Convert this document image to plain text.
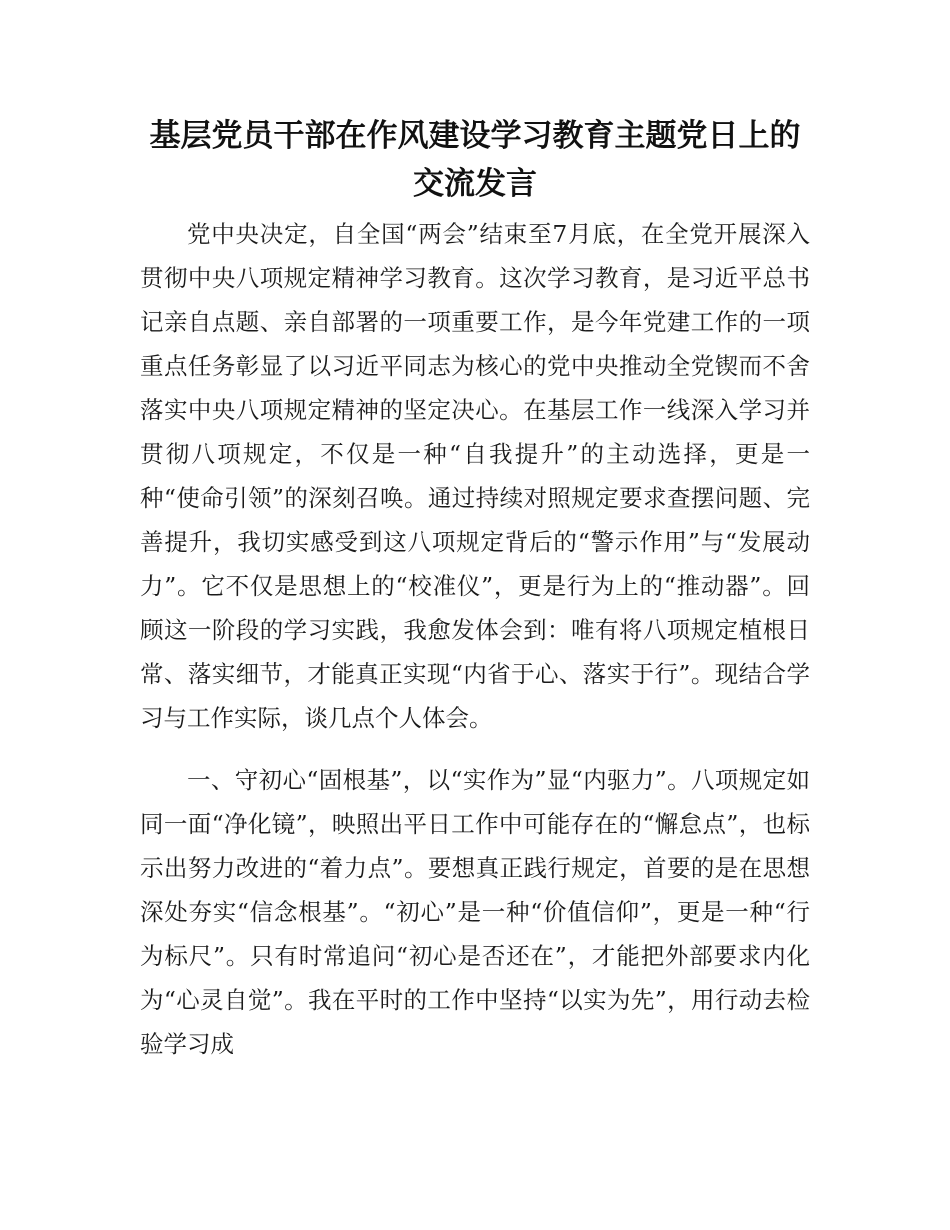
基层党员干部在作风建设学习教育主题党日上的交流发言

党中央决定，自全国“两会”结束至7月底，在全党开展深入贯彻中央八项规定精神学习教育。这次学习教育，是习近平总书记亲自点题、亲自部署的一项重要工作，是今年党建工作的一项重点任务彰显了以习近平同志为核心的党中央推动全党锲而不舍落实中央八项规定精神的坚定决心。在基层工作一线深入学习并贯彻八项规定，不仅是一种“自我提升”的主动选择，更是一种“使命引领”的深刻召唤。通过持续对照规定要求查摆问题、完善提升，我切实感受到这八项规定背后的“警示作用”与“发展动力”。它不仅是思想上的“校准仪”，更是行为上的“推动器”。回顾这一阶段的学习实践，我愈发体会到：唯有将八项规定植根日常、落实细节，才能真正实现“内省于心、落实于行”。现结合学习与工作实际，谈几点个人体会。

一、守初心“固根基”，以“实作为”显“内驱力”。八项规定如同一面“净化镜”，映照出平日工作中可能存在的“懈怠点”，也标示出努力改进的“着力点”。要想真正践行规定，首要的是在思想深处夯实“信念根基”。“初心”是一种“价值信仰”，更是一种“行为标尺”。只有时常追问“初心是否还在”，才能把外部要求内化为“心灵自觉”。我在平时的工作中坚持“以实为先”，用行动去检验学习成
